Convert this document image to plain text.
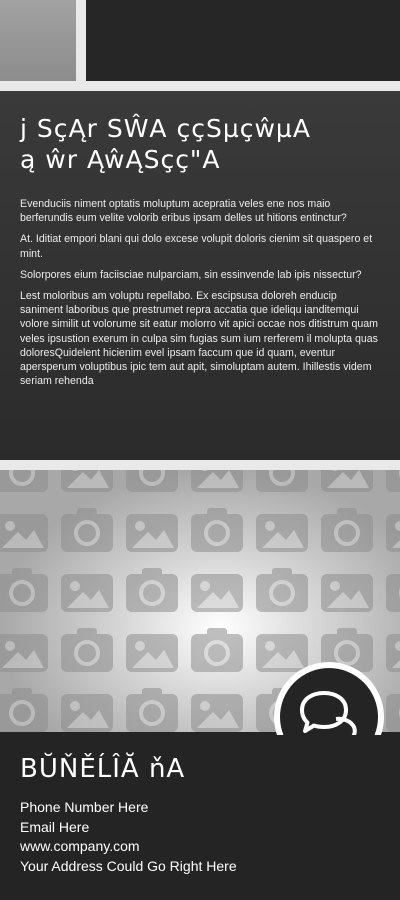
j SçĄr SŴA ççSµçŵµA
ą ŵr ĄŵĄSçç"A

Evenduciis niment optatis moluptum acepratia veles ene nos maio berferundis eum velite volorib eribus ipsam delles ut hitions entinctur?

At. Iditiat empori blani qui dolo excese volupit doloris cienim sit quaspero et mint.

Solorpores eium faciisciae nulparciam, sin essinvende lab ipis nissectur?

Lest moloribus am voluptu repellabo. Ex escipsusa doloreh enducip saniment laboribus que prestrumet repra accatia que ideliqu ianditemqui volore similit ut volorume sit eatur molorro vit apici occae nos ditistrum quam veles ipsustion exerum in culpa sim fugias sum ium rerferem il molupta quas doloresQuidelent hicienim evel ipsam faccum que id quam, eventur apersperum voluptibus ipic tem aut apit, simoluptam autem. Ihillestis videm seriam rehenda

BŬŇĚĹÎĂ ňA
Phone Number Here
Email Here
www.company.com
Your Address Could Go Right Here
